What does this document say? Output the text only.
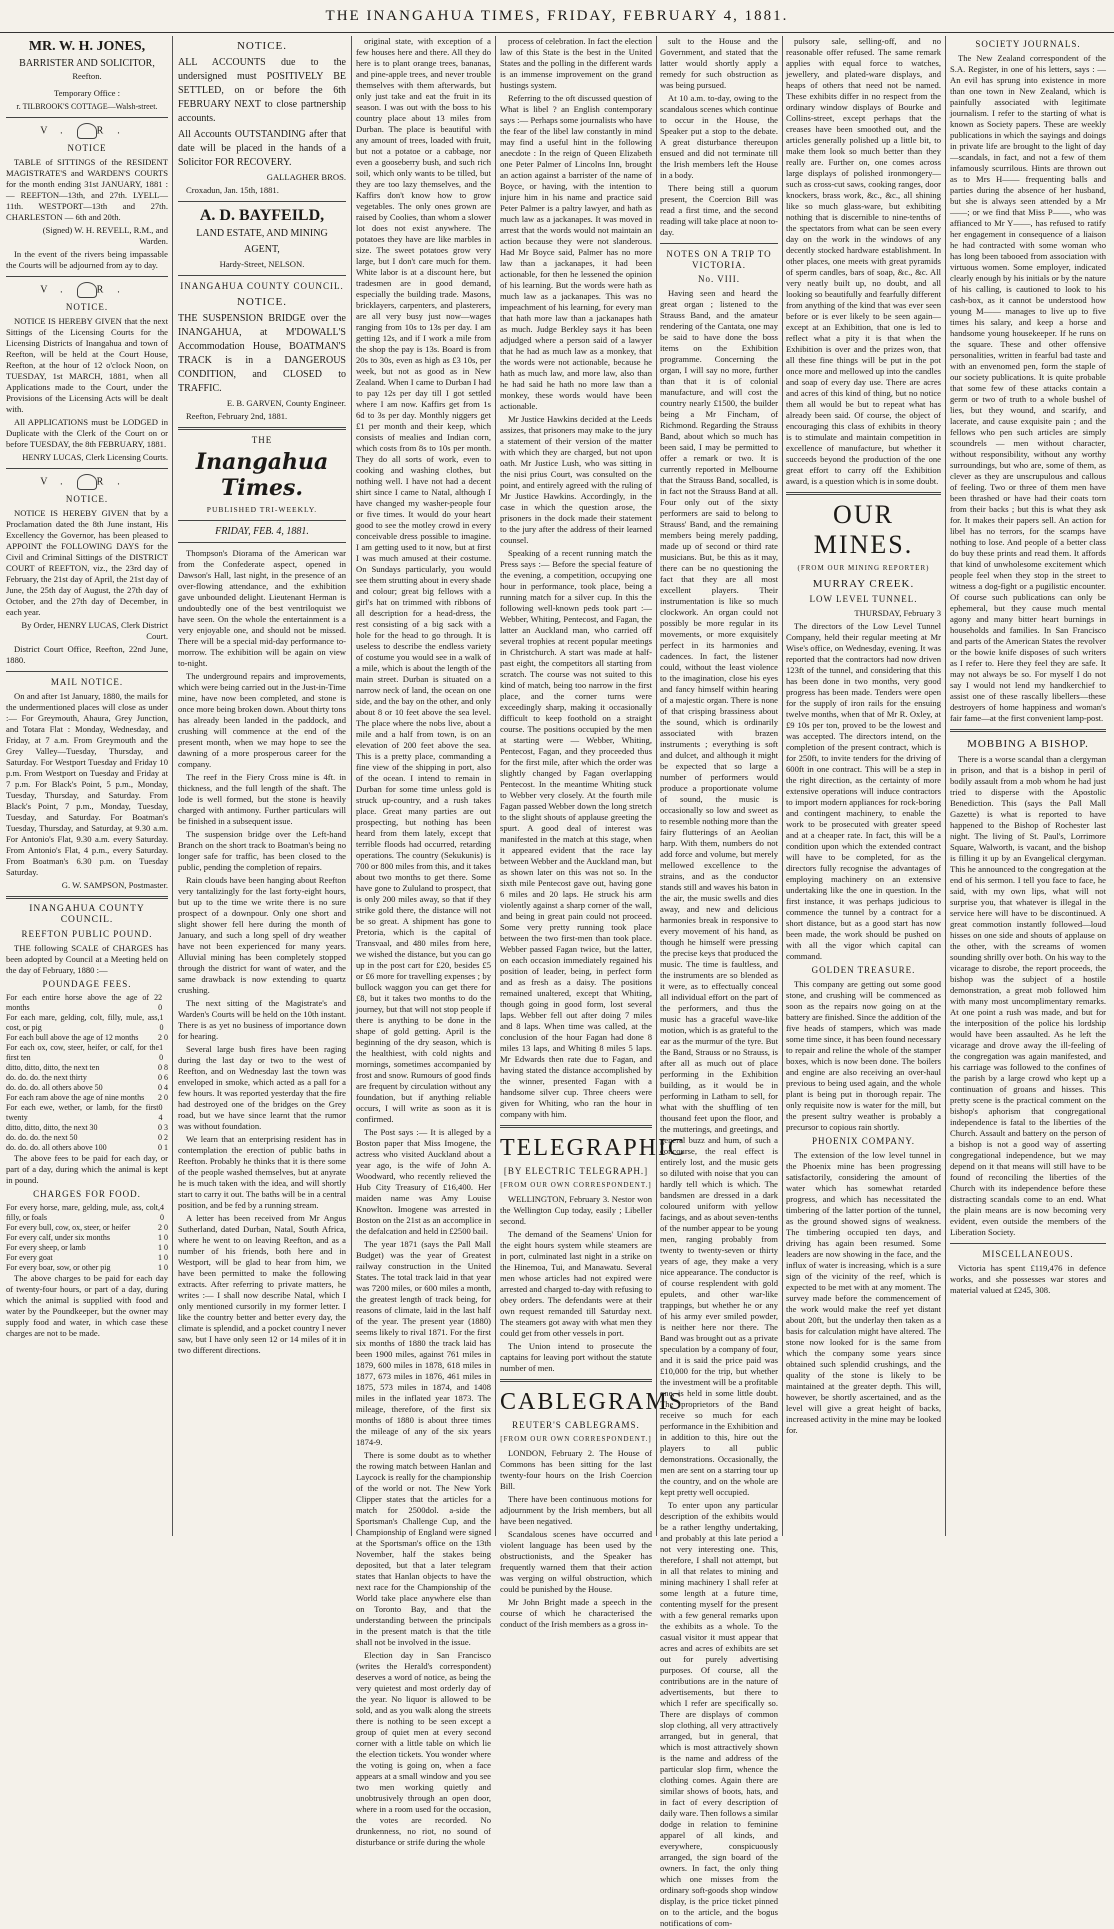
THE INANGAHUA TIMES, FRIDAY, FEBRUARY 4, 1881.
MR. W. H. JONES,

BARRISTER AND SOLICITOR,

Reefton.

Temporary Office :

r. TILBROOK'S COTTAGE—Walsh-street.

V. R.
NOTICE

TABLE of SITTINGS of the RESIDENT MAGISTRATE'S and WARDEN'S COURTS for the month ending 31st JANUARY, 1881 :— REEFTON—13th, and 27th. LYELL—11th. WESTPORT—13th and 27th. CHARLESTON — 6th and 20th.

(Signed) W. H. REVELL, R.M., and Warden.

In the event of the rivers being impassable the Courts will be adjourned from ay to day.

V. R.
NOTICE.

NOTICE IS HEREBY GIVEN that the next Sittings of the Licensing Courts for the Licensing Districts of Inangahua and town of Reefton, will be held at the Court House, Reefton, at the hour of 12 o'clock Noon, on TUESDAY, 1st MARCH, 1881, when all Applications made to the Court, under the Provisions of the Licensing Acts will be dealt with.

All APPLICATIONS must be LODGED in Duplicate with the Clerk of the Court on or before TUESDAY, the 8th FEBRUARY, 1881.

HENRY LUCAS, Clerk Licensing Courts.

V. R.
NOTICE.

NOTICE IS HEREBY GIVEN that by a Proclamation dated the 8th June instant, His Excellency the Governor, has been pleased to APPOINT the FOLLOWING DAYS for the Civil and Criminal Sittings of the DISTRICT COURT of REEFTON, viz., the 23rd day of February, the 21st day of April, the 21st day of June, the 25th day of August, the 27th day of October, and the 27th day of December, in each year.

By Order, HENRY LUCAS, Clerk District Court.

District Court Office, Reefton, 22nd June, 1880.

MAIL NOTICE.

On and after 1st January, 1880, the mails for the undermentioned places will close as under :— For Greymouth, Ahaura, Grey Junction, and Totara Flat : Monday, Wednesday, and Friday, at 7 a.m. From Greymouth and the Grey Valley—Tuesday, Thursday, and Saturday. For Westport Tuesday and Friday 10 p.m. From Westport on Tuesday and Friday at 7 p.m. For Black's Point, 5 p.m., Monday, Tuesday, Thursday, and Saturday. From Black's Point, 7 p.m., Monday, Tuesday, Tuesday, and Saturday. For Boatman's Tuesday, Thursday, and Saturday, at 9.30 a.m. For Antonio's Flat, 9.30 a.m. every Saturday. From Antonio's Flat, 4 p.m., every Saturday. From Boatman's 6.30 p.m. on Tuesday Saturday.

G. W. SAMPSON, Postmaster.

INANGAHUA COUNTY COUNCIL.
REEFTON PUBLIC POUND.

THE following SCALE of CHARGES has been adopted by Council at a Meeting held on the day of February, 1880 :—

POUNDAGE FEES.
For each entire horse above the age of 2 months
2 0
For each mare, gelding, colt, filly, mule, ass, cost, or pig
1 0
For each bull above the age of 12 months 2 0
For each ox, cow, steer, heifer, or calf, for the first ten
1 0
ditto, ditto, ditto, the next ten	0 8
do. do. do. the next thirty	0 6
do. do. do. all others above 50	0 4
For each ram above the age of nine months 2 0
For each ewe, wether, or lamb, for the first twenty
0 4
ditto, ditto, ditto, the next 30	0 3
do. do. do. the next 50	0 2
do. do. do. all others above 100	0 1

The above fees to be paid for each day, or part of a day, during which the animal is kept in pound.

CHARGES FOR FOOD.
For every horse, mare, gelding, mule, ass, colt, filly, or foals
4 0
For every bull, cow, ox, steer, or heifer	2 0
For every calf, under six months	1 0
For every sheep, or lamb	1 0
For every goat	1 0
For every boar, sow, or other pig	1 0

The above charges to be paid for each day of twenty-four hours, or part of a day, during which the animal is supplied with food and water by the Poundkeeper, but the owner may supply food and water, in which case these charges are not to be made.

NOTICE.

ALL ACCOUNTS due to the undersigned must POSITIVELY BE SETTLED, on or before the 6th FEBRUARY NEXT to close partnership accounts.

All Accounts OUTSTANDING after that date will be placed in the hands of a Solicitor FOR RECOVERY.

GALLAGHER BROS.

Croxadun, Jan. 15th, 1881.

A. D. BAYFEILD,

LAND ESTATE, AND MINING

AGENT,

Hardy-Street, NELSON.

INANGAHUA COUNTY COUNCIL.
NOTICE.

THE SUSPENSION BRIDGE over the INANGAHUA, at M'DOWALL'S Accommodation House, BOATMAN'S TRACK is in a DANGEROUS CONDITION, and CLOSED to TRAFFIC.

E. B. GARVEN, County Engineer.

Reefton, February 2nd, 1881.

THE
Inangahua Times.
PUBLISHED TRI-WEEKLY.

FRIDAY, FEB. 4, 1881.

Thompson's Diorama of the American war from the Confederate aspect, opened in Dawson's Hall, last night, in the presence of an over-flowing attendance, and the exhibition gave unbounded delight. Lieutenant Herman is undoubtedly one of the best ventriloquist we have seen. On the whole the entertainment is a very enjoyable one, and should not be missed. There will be a special mid-day performance to-morrow. The exhibition will be again on view to-night.

The underground repairs and improvements, which were being carried out in the Just-in-Time mine, have now been completed, and stone is once more being broken down. About thirty tons has already been landed in the paddock, and crushing will commence at the end of the present month, when we may hope to see the dawning of a more prosperous career for the company.

The reef in the Fiery Cross mine is 4ft. in thickness, and the full length of the shaft. The lode is well formed, but the stone is heavily charged with antimony. Further particulars will be finished in a subsequent issue.

The suspension bridge over the Left-hand Branch on the short track to Boatman's being no longer safe for traffic, has been closed to the public, pending the completion of repairs.

Rain clouds have been hanging about Reefton very tantalizingly for the last forty-eight hours, but up to the time we write there is no sure prospect of a downpour. Only one short and slight shower fell here during the month of January, and such a long spell of dry weather have not been experienced for many years. Alluvial mining has been completely stopped through the district for want of water, and the same drawback is now extending to quartz crushing.

The next sitting of the Magistrate's and Warden's Courts will be held on the 10th instant. There is as yet no business of importance down for hearing.

Several large bush fires have been raging during the last day or two to the west of Reefton, and on Wednesday last the town was enveloped in smoke, which acted as a pall for a few hours. It was reported yesterday that the fire had destroyed one of the bridges on the Grey road, but we have since learnt that the rumor was without foundation.

We learn that an enterprising resident has in contemplation the erection of public baths in Reefton. Probably he thinks that it is there some of the people washed themselves, but at anyrate he is much taken with the idea, and will shortly start to carry it out. The baths will be in a central position, and be fed by a running stream.

A letter has been received from Mr Angus Sutherland, dated Durban, Natal, South Africa, where he went to on leaving Reefton, and as a number of his friends, both here and in Westport, will be glad to hear from him, we have been permitted to make the following extracts. After referring to private matters, he writes :— I shall now describe Natal, which I only mentioned cursorily in my former letter. I like the country better and better every day, the climate is splendid, and a pocket country I never saw, but I have only seen 12 or 14 miles of it in two different directions.

original state, with exception of a few houses here and there. All they do here is to plant orange trees, bananas, and pine-apple trees, and never trouble themselves with them afterwards, but only just take and eat the fruit in its season. I was out with the boss to his country place about 13 miles from Durban. The place is beautiful with any amount of trees, loaded with fruit, but not a potatoe or a cabbage, nor even a gooseberry bush, and such rich soil, which only wants to be tilled, but they are too lazy themselves, and the Kaffirs don't know how to grow vegetables. The only ones grown are raised by Coolies, than whom a slower lot does not exist anywhere. The potatoes they have are like marbles in size. The sweet potatoes grow very large, but I don't care much for them. White labor is at a discount here, but tradesmen are in good demand, especially the building trade. Masons, bricklayers, carpenters, and plasterers, are all very busy just now—wages ranging from 10s to 13s per day. I am getting 12s, and if I work a mile from the shop the pay is 13s. Board is from 20s to 30s, even as high as £3 10s, per week, but not as good as in New Zealand. When I came to Durban I had to pay 12s per day till I got settled where I am now. Kaffirs get from 1s 6d to 3s per day. Monthly niggers get £1 per month and their keep, which consists of mealies and Indian corn, which costs from 8s to 10s per month. They do all sorts of work, even to cooking and washing clothes, but nothing well. I have not had a decent shirt since I came to Natal, although I have changed my washer-people four or five times. It would do your heart good to see the motley crowd in every conceivable dress possible to imagine. I am getting used to it now, but at first I was much amused at their costume. On Sundays particularly, you would see them strutting about in every shade and colour; great big fellows with a girl's hat on trimmed with ribbons of all description for a head-dress, the rest consisting of a big sack with a hole for the head to go through. It is useless to describe the endless variety of costume you would see in a walk of a mile, which is about the length of the main street. Durban is situated on a narrow neck of land, the ocean on one side, and the bay on the other, and only about 8 or 10 feet above the sea level. The place where the nobs live, about a mile and a half from town, is on an elevation of 200 feet above the sea. This is a pretty place, commanding a fine view of the shipping in port, also of the ocean. I intend to remain in Durban for some time unless gold is struck up-country, and a rush takes place. Great many parties are out prospecting, but nothing has been heard from them lately, except that terrible floods had occurred, retarding operations. The country (Sekukunis) is 700 or 800 miles from this, and it takes about two months to get there. Some have gone to Zululand to prospect, that is only 200 miles away, so that if they strike gold there, the distance will not be so great. A shipment has gone to Pretoria, which is the capital of Transvaal, and 480 miles from here, we wished the distance, but you can go up in the post cart for £20, besides £5 or £6 more for travelling expenses ; by bullock waggon you can get there for £8, but it takes two months to do the journey, but that will not stop people if there is anything to be done in the shape of gold getting. April is the beginning of the dry season, which is the healthiest, with cold nights and mornings, sometimes accompanied by frost and snow. Rumours of good finds are frequent by circulation without any foundation, but if anything reliable occurs, I will write as soon as it is confirmed.

The Post says :— It is alleged by a Boston paper that Miss Imogene, the actress who visited Auckland about a year ago, is the wife of John A. Woodward, who recently relieved the Hub City Treasury of £16,400. Her maiden name was Amy Louise Knowlton. Imogene was arrested in Boston on the 21st as an accomplice in the defalcation and held in £2500 bail.

The year 1871 (says the Pall Mall Budget) was the year of Greatest railway construction in the United States. The total track laid in that year was 7200 miles, or 600 miles a month, the greatest length of track being, for reasons of climate, laid in the last half of the year. The present year (1880) seems likely to rival 1871. For the first six months of 1880 the track laid has been 1900 miles, against 761 miles in 1879, 600 miles in 1878, 618 miles in 1877, 673 miles in 1876, 461 miles in 1875, 573 miles in 1874, and 1408 miles in the inflated year 1873. The mileage, therefore, of the first six months of 1880 is about three times the mileage of any of the six years 1874-9.

There is some doubt as to whether the rowing match between Hanlan and Laycock is really for the championship of the world or not. The New York Clipper states that the articles for a match for 2500dol. a-side the Sportsman's Challenge Cup, and the Championship of England were signed at the Sportsman's office on the 13th November, half the stakes being deposited, but that a later telegram states that Hanlan objects to have the next race for the Championship of the World take place anywhere else than on Toronto Bay, and that the understanding between the principals in the present match is that the title shall not be involved in the issue.

Election day in San Francisco (writes the Herald's correspondent) deserves a word of notice, as being the very quietest and most orderly day of the year. No liquor is allowed to be sold, and as you walk along the streets there is nothing to be seen except a group of quiet men at every second corner with a little table on which lie the election tickets. You wonder where the voting is going on, when a face appears at a small window and you see two men working quietly and unobtrusively through an open door, where in a room used for the occasion, the votes are recorded. No drunkenness, no riot, no sound of disturbance or strife during the whole

process of celebration. In fact the election law of this State is the best in the United States and the polling in the different wards is an immense improvement on the grand hustings system.

Referring to the oft discussed question of What is libel ? an English contemporary says :— Perhaps some journalists who have the fear of the libel law constantly in mind may find a useful hint in the following anecdote : In the reign of Queen Elizabeth one Peter Palmer of Lincolns Inn, brought an action against a barrister of the name of Boyce, or having, with the intention to injure him in his name and practice said Peter Palmer is a paltry lawyer, and hath as much law as a jackanapes. It was moved in arrest that the words would not maintain an action because they were not slanderous. Had Mr Boyce said, Palmer has no more law than a jackanapes, it had been actionable, for then he lessened the opinion of his learning. But the words were hath as much law as a jackanapes. This was no impeachment of his learning, for every man that hath more law than a jackanapes hath as much. Judge Berkley says it has been adjudged where a person said of a lawyer that he had as much law as a monkey, that the words were not actionable, because he hath as much law, and more law, also than he had said he hath no more law than a monkey, these words would have been actionable.

Mr Justice Hawkins decided at the Leeds assizes, that prisoners may make to the jury a statement of their version of the matter with which they are charged, but not upon oath. Mr Justice Lush, who was sitting in the nisi prius Court, was consulted on the point, and entirely agreed with the ruling of Mr Justice Hawkins. Accordingly, in the case in which the question arose, the prisoners in the dock made their statement to the jury after the address of their learned counsel.

Speaking of a recent running match the Press says :— Before the special feature of the evening, a competition, occupying one hour in performance, took place, being a running match for a silver cup. In this the following well-known peds took part :— Webber, Whiting, Pentecost, and Fagan, the latter an Auckland man, who carried off several trophies at recent popular meetings in Christchurch. A start was made at half-past eight, the competitors all starting from scratch. The course was not suited to this kind of match, being too narrow in the first place, and the corner turns were exceedingly sharp, making it occasionally difficult to keep foothold on a straight course. The positions occupied by the men at starting were — Webber, Whiting, Pentecost, Fagan, and they proceeded thus for the first mile, after which the order was slightly changed by Fagan overlapping Pentecost. In the meantime Whiting stuck to Webber very closely. At the fourth mile Fagan passed Webber down the long stretch to the slight shouts of applause greeting the spurt. A good deal of interest was manifested in the match at this stage, when it appeared evident that the race lay between Webber and the Auckland man, but as shown later on this was not so. In the sixth mile Pentecost gave out, having gone 6 miles and 20 laps. He struck his arm violently against a sharp corner of the wall, and being in great pain could not proceed. Some very pretty running took place between the two first-men than took place. Webber passed Fagan twice, but the latter, on each occasion immediately regained his position of leader, being, in perfect form and as fresh as a daisy. The positions remained unaltered, except that Whiting, though going in good form, lost several laps. Webber fell out after doing 7 miles and 8 laps. When time was called, at the conclusion of the hour Fagan had done 8 miles 13 laps, and Whiting 8 miles 5 laps. Mr Edwards then rate due to Fagan, and having stated the distance accomplished by the winner, presented Fagan with a handsome silver cup. Three cheers were given for Whiting, who ran the hour in company with him.

TELEGRAPHIC
[BY ELECTRIC TELEGRAPH.]
[FROM OUR OWN CORRESPONDENT.]

WELLINGTON, February 3. Nestor won the Wellington Cup today, easily ; Libeller second.

The demand of the Seamens' Union for the eight hours system while steamers are in port, culminated last night in a strike on the Hinemoa, Tui, and Manawatu. Several men whose articles had not expired were arrested and charged to-day with refusing to obey orders. The defendants were at their own request remanded till Saturday next. The steamers got away with what men they could get from other vessels in port.

The Union intend to prosecute the captains for leaving port without the statute number of men.

CABLEGRAMS
REUTER'S CABLEGRAMS.
[FROM OUR OWN CORRESPONDENT.]

LONDON, February 2. The House of Commons has been sitting for the last twenty-four hours on the Irish Coercion Bill.

There have been continuous motions for adjournment by the Irish members, but all have been negatived.

Scandalous scenes have occurred and violent language has been used by the obstructionists, and the Speaker has frequently warned them that their action was verging on wilful obstruction, which could be punished by the House.

Mr John Bright made a speech in the course of which he characterised the conduct of the Irish members as a gross in-

sult to the House and the Government, and stated that the latter would shortly apply a remedy for such obstruction as was being pursued.

At 10 a.m. to-day, owing to the scandalous scenes which continue to occur in the House, the Speaker put a stop to the debate. A great disturbance thereupon ensued and did not terminate till the Irish members left the House in a body.

There being still a quorum present, the Coercion Bill was read a first time, and the second reading will take place at noon to-day.

NOTES ON A TRIP TO VICTORIA.
No. VIII.

Having seen and heard the great organ ; listened to the Strauss Band, and the amateur rendering of the Cantata, one may be said to have done the boss items on the Exhibition programme. Concerning the organ, I will say no more, further than that it is of colonial manufacture, and will cost the country nearly £1500, the builder being a Mr Fincham, of Richmond. Regarding the Strauss Band, about which so much has been said, I may be permitted to offer a remark or two. It is currently reported in Melbourne that the Strauss Band, socalled, is in fact not the Strauss Band at all. Four only out of the sixty performers are said to belong to Strauss' Band, and the remaining members being merely padding, made up of second or third rate musicians. But, be this as it may, there can be no questioning the fact that they are all most excellent players. Their instrumentation is like so much clockwork. An organ could not possibly be more regular in its movements, or more exquisitely perfect in its harmonies and cadences. In fact, the listener could, without the least violence to the imagination, close his eyes and fancy himself within hearing of a majestic organ. There is none of that crisping brassiness about the sound, which is ordinarily associated with brazen instruments ; everything is soft and dulcet, and although it might be expected that so large a number of performers would produce a proportionate volume of sound, the music is occasionally so low and sweet as to resemble nothing more than the fairy flutterings of an Aeolian harp. With them, numbers do not add force and volume, but merely mellowed excellence to the strains, and as the conductor stands still and waves his baton in the air, the music swells and dies away, and new and delicious harmonies break in responsive to every movement of his hand, as though he himself were pressing the precise keys that produced the music. The time is faultless, and the instruments are so blended as it were, as to effectually conceal all individual effort on the part of the performers, and thus the music has a graceful wave-like motion, which is as grateful to the ear as the murmur of the tyre. But the Band, Strauss or no Strauss, is after all as much out of place performing in the Exhibition building, as it would be in performing in Latham to sell, for what with the shuffling of ten thousand feet upon the floor, and the mutterings, and greetings, and general buzz and hum, of such a concourse, the real effect is entirely lost, and the music gets so diluted with noise that you can hardly tell which is which. The bandsmen are dressed in a dark coloured uniform with yellow facings, and as about seven-tenths of the number appear to be young men, ranging probably from twenty to twenty-seven or thirty years of age, they make a very nice appearance. The conductor is of course resplendent with gold epulets, and other war-like trappings, but whether he or any of his army ever smiled powder, is neither here nor there. The Band was brought out as a private speculation by a company of four, and it is said the price paid was £10,000 for the trip, but whether the investment will be a profitable one, is held in some little doubt. The proprietors of the Band receive so much for each performance in the Exhibition and in addition to this, hire out the players to all public demonstrations. Occasionally, the men are sent on a starring tour up the country, and on the whole are kept pretty well occupied.

To enter upon any particular description of the exhibits would be a rather lengthy undertaking, and probably at this late period a not very interesting one. This, therefore, I shall not attempt, but in all that relates to mining and mining machinery I shall refer at some length at a future time, contenting myself for the present with a few general remarks upon the exhibits as a whole. To the casual visitor it must appear that acres and acres of exhibits are set out for purely advertising purposes. Of course, all the contributions are in the nature of advertisements, but there to which I refer are specifically so. There are displays of common slop clothing, all very attractively arranged, but in general, that which is most attractively shown is the name and address of the particular slop firm, whence the clothing comes. Again there are similar shows of boots, hats, and in fact of every description of daily ware. Then follows a similar dodge in relation to feminine apparel of all kinds, and everywhere, conspicuously arranged, the sign board of the owners. In fact, the only thing which one misses from the ordinary soft-goods shop window display, is the price ticket pinned on to the article, and the bogus notifications of com-

pulsory sale, selling-off, and no reasonable offer refused. The same remark applies with equal force to watches, jewellery, and plated-ware displays, and heaps of others that need not be named. These exhibits differ in no respect from the ordinary window displays of Bourke and Collins-street, except perhaps that the creases have been smoothed out, and the articles generally polished up a little bit, to make them look so much better than they really are. Further on, one comes across large displays of polished ironmongery—such as cross-cut saws, cooking ranges, door knockers, brass work, &c., &c., all shining like so much glass-ware, but exhibiting nothing that is discernible to nine-tenths of the spectators from what can be seen every day on the work in the windows of any decently stocked hardware establishment. In other places, one meets with great pyramids of sperm candles, bars of soap, &c., &c. All very neatly built up, no doubt, and all looking so beautifully and fearfully different from anything of the kind that was ever seen before or is ever likely to be seen again—except at an Exhibition, that one is led to reflect what a pity it is that when the Exhibition is over and the prizes won, that all these fine things will be put in the pot once more and mellowed up into the candles and soap of every day use. There are acres and acres of this kind of thing, but no notice them all would be but to repeat what has already been said. Of course, the object of encouraging this class of exhibits in theory is to stimulate and maintain competition in excellence of manufacture, but whether it succeeds beyond the production of the one great effort to carry off the Exhibition award, is a question which is in some doubt.

OUR MINES.
(FROM OUR MINING REPORTER)
MURRAY CREEK.
LOW LEVEL TUNNEL.

THURSDAY, February 3

The directors of the Low Level Tunnel Company, held their regular meeting at Mr Wise's office, on Wednesday, evening. It was reported that the contractors had now driven 123ft of the tunnel, and considering that this has been done in two months, very good progress has been made. Tenders were open for the supply of iron rails for the ensuing twelve months, when that of Mr R. Oxley, at £9 10s per ton, proved to be the lowest and was accepted. The directors intend, on the completion of the present contract, which is for 250ft, to invite tenders for the driving of 600ft in one contract. This will be a step in the right direction, as the certainty of more extensive operations will induce contractors to import modern appliances for rock-boring and contingent machinery, to enable the work to be prosecuted with greater speed and at a cheaper rate. In fact, this will be a condition upon which the extended contract will have to be completed, for as the directors fully recognise the advantages of employing machinery on an extensive undertaking like the one in question. In the first instance, it was perhaps judicious to commence the tunnel by a contract for a short distance, but as a good start has now been made, the work should be pushed on with all the vigor which capital can command.

GOLDEN TREASURE.

This company are getting out some good stone, and crushing will be commenced as soon as the repairs now going on at the battery are finished. Since the addition of the five heads of stampers, which was made some time since, it has been found necessary to repair and reline the whole of the stamper boxes, which is now been done. The boilers and engine are also receiving an over-haul previous to being used again, and the whole plant is being put in thorough repair. The only requisite now is water for the mill, but the present sultry weather is probably a precursor to copious rain shortly.

PHOENIX COMPANY.

The extension of the low level tunnel in the Phoenix mine has been progressing satisfactorily, considering the amount of water which has somewhat retarded progress, and which has necessitated the timbering of the latter portion of the tunnel, as the ground showed signs of weakness. The timbering occupied ten days, and driving has again been resumed. Some leaders are now showing in the face, and the influx of water is increasing, which is a sure sign of the vicinity of the reef, which is expected to be met with at any moment. The survey made before the commencement of the work would make the reef yet distant about 20ft, but the underlay then taken as a basis for calculation might have altered. The stone now looked for is the same from which the company some years since obtained such splendid crushings, and the quality of the stone is likely to be maintained at the greater depth. This will, however, be shortly ascertained, and as the level will give a great height of backs, increased activity in the mine may be looked for.

SOCIETY JOURNALS.

The New Zealand correspondent of the S.A. Register, in one of his letters, says : — An evil has sprung into existence in more than one town in New Zealand, which is painfully associated with legitimate journalism. I refer to the starting of what is known as Society papers. These are weekly publications in which the sayings and doings in private life are brought to the light of day—scandals, in fact, and not a few of them infamously scurrilous. Hints are thrown out as to Mrs H—— frequenting balls and parties during the absence of her husband, but she is always seen attended by a Mr——; or we find that Miss P——, who was affianced to Mr Y——, has refused to ratify her engagement in consequence of a liaison he had contracted with some woman who has long been tabooed from association with virtuous women. Some employer, indicated clearly enough by his initials or by the nature of his calling, is cautioned to look to his cash-box, as it cannot be understood how young M—— manages to live up to five times his salary, and keep a horse and handsome young housekeeper. If he runs on the square. These and other offensive personalities, written in fearful bad taste and with an envenomed pen, form the staple of our society publications. It is quite probable that some few of these attacks contain a germ or two of truth to a whole bushel of lies, but they wound, and scarify, and lacerate, and cause exquisite pain ; and the fellows who pen such articles are simply scoundrels — men without character, without responsibility, without any worthy surroundings, but who are, some of them, as clever as they are unscrupulous and callous of feeling. Two or three of them men have been thrashed or have had their coats torn from their backs ; but this is what they ask for. It makes their papers sell. An action for libel has no terrors, for the scamps have nothing to lose. And people of a better class do buy these prints and read them. It affords that kind of unwholesome excitement which people feel when they stop in the street to witness a dog-fight or a pugilistic encounter. Of course such publications can only be ephemeral, but they cause much mental agony and many bitter heart burnings in households and families. In San Francisco and parts of the American States the revolver or the bowie knife disposes of such writers as I refer to. Here they feel they are safe. It may not always be so. For myself I do not say I would not lend my handkerchief to assist one of these rascally libellers—these destroyers of home happiness and woman's fair fame—at the first convenient lamp-post.

MOBBING A BISHOP.

There is a worse scandal than a clergyman in prison, and that is a bishop in peril of bodily assault from a mob whom he had just tried to disperse with the Apostolic Benediction. This (says the Pall Mall Gazette) is what is reported to have happened to the Bishop of Rochester last night. The living of St. Paul's, Lorrimore Square, Walworth, is vacant, and the bishop is filling it up by an Evangelical clergyman. This he announced to the congregation at the end of his sermon. I tell you face to face, he said, with my own lips, what will not surprise you, that whatever is illegal in the service here will have to be discontinued. A great commotion instantly followed—loud hisses on one side and shouts of applause on the other, with the screams of women sounding shrilly over both. On his way to the vicarage to disrobe, the report proceeds, the bishop was the subject of a hostile demonstration, a great mob followed him with many most uncomplimentary remarks. At one point a rush was made, and but for the interposition of the police his lordship would have been assaulted. As he left the vicarage and drove away the ill-feeling of the congregation was again manifested, and his carriage was followed to the confines of the parish by a large crowd who kept up a continuation of groans and hisses. This pretty scene is the practical comment on the bishop's aphorism that congregational independence is fatal to the liberties of the Church. Assault and battery on the person of a bishop is not a good way of asserting congregational independence, but we may depend on it that means will still have to be found of reconciling the liberties of the Church with its independence before these distracting scandals come to an end. What the plain means are is now becoming very evident, even outside the members of the Liberation Society.

MISCELLANEOUS.

Victoria has spent £119,476 in defence works, and she possesses war stores and material valued at £245, 308.
